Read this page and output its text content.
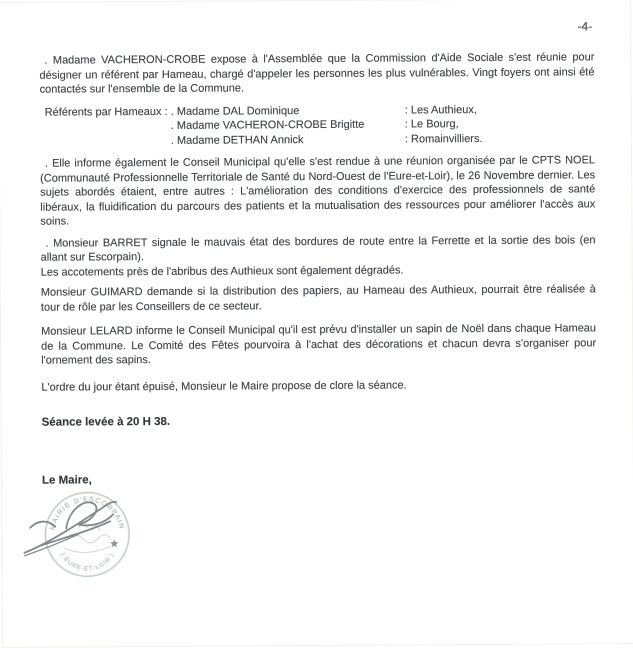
-4-

. Madame VACHERON-CROBE expose à l'Assemblée que la Commission d'Aide Sociale s'est réunie pour désigner un référent par Hameau, chargé d'appeler les personnes les plus vulnérables. Vingt foyers ont ainsi été contactés sur l'ensemble de la Commune.

Référents par Hameaux : . Madame DAL Dominique	: Les Authieux,
. Madame VACHERON-CROBE Brigitte	: Le Bourg,
. Madame DETHAN Annick	: Romainvilliers.

. Elle informe également le Conseil Municipal qu'elle s'est rendue à une réunion organisée par le CPTS NOEL (Communauté Professionnelle Territoriale de Santé du Nord-Ouest de l'Eure-et-Loir), le 26 Novembre dernier. Les sujets abordés étaient, entre autres : L'amélioration des conditions d'exercice des professionnels de santé libéraux, la fluidification du parcours des patients et la mutualisation des ressources pour améliorer l'accès aux soins.

. Monsieur BARRET signale le mauvais état des bordures de route entre la Ferrette et la sortie des bois (en allant sur Escorpain).

Les accotements près de l'abribus des Authieux sont également dégradés.

Monsieur GUIMARD demande si la distribution des papiers, au Hameau des Authieux, pourrait être réalisée à tour de rôle par les Conseillers de ce secteur.

Monsieur LELARD informe le Conseil Municipal qu'il est prévu d'installer un sapin de Noël dans chaque Hameau de la Commune. Le Comité des Fêtes pourvoira à l'achat des décorations et chacun devra s'organiser pour l'ornement des sapins.

L'ordre du jour étant épuisé, Monsieur le Maire propose de clore la séance.

Séance levée à 20 H 38.

Le Maire,

MAIRIE D'ESCORPAIN
( EURE-ET-LOIR )
★
